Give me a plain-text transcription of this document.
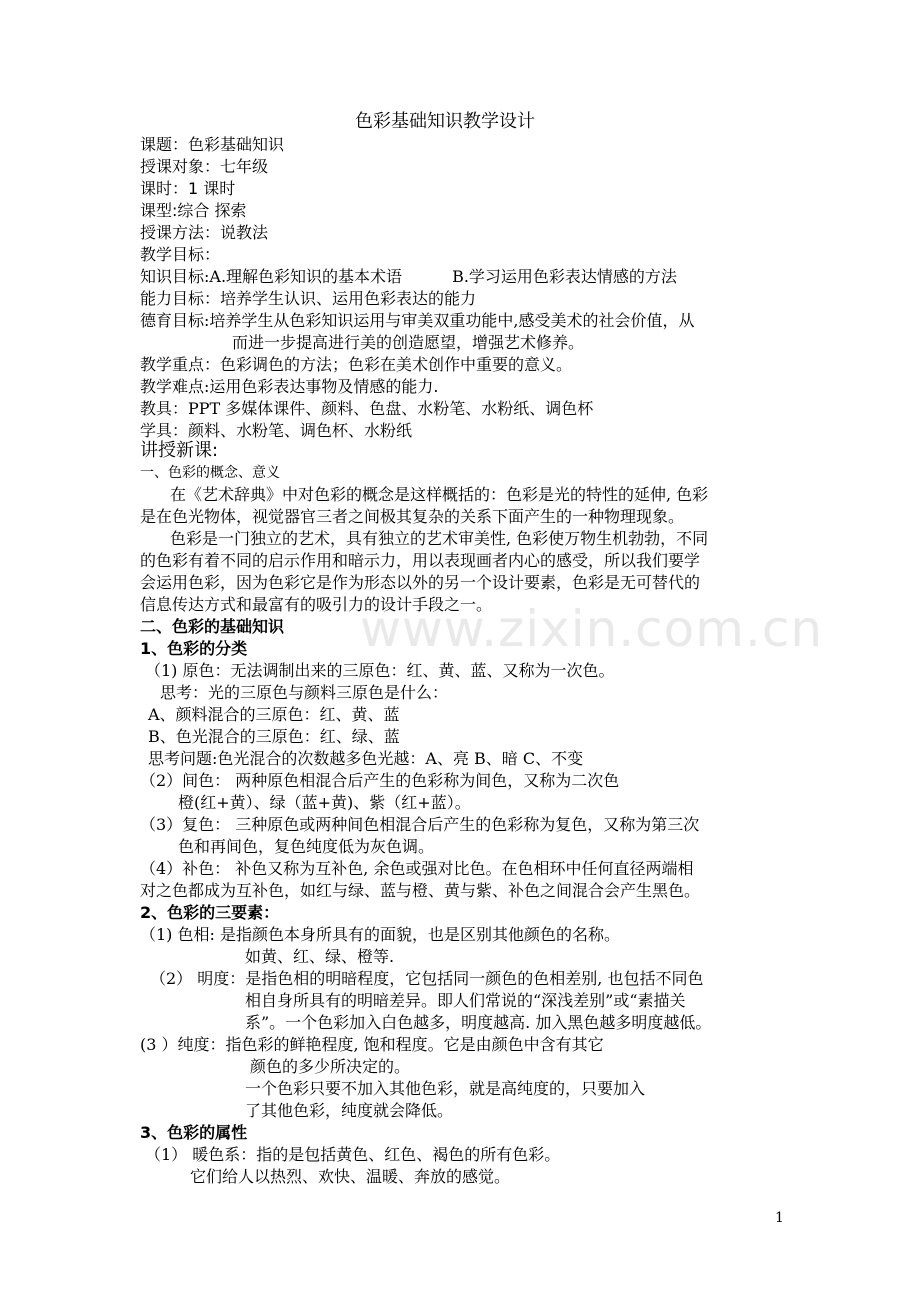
www.zixin.com.cn
色彩基础知识教学设计
课题：色彩基础知识
授课对象：七年级
课时：1 课时
课型:综合 探索
授课方法：说教法
教学目标：
知识目标:A.理解色彩知识的基本术语	B.学习运用色彩表达情感的方法
能力目标：培养学生认识、运用色彩表达的能力
德育目标:培养学生从色彩知识运用与审美双重功能中,感受美术的社会价值，从
而进一步提高进行美的创造愿望，增强艺术修养。
教学重点：色彩调色的方法；色彩在美术创作中重要的意义。
教学难点:运用色彩表达事物及情感的能力.
教具：PPT 多媒体课件、颜料、色盘、水粉笔、水粉纸、调色杯
学具：颜料、水粉笔、调色杯、水粉纸
讲授新课:
一、色彩的概念、意义
在《艺术辞典》中对色彩的概念是这样概括的：色彩是光的特性的延伸, 色彩
是在色光物体，视觉器官三者之间极其复杂的关系下面产生的一种物理现象。
色彩是一门独立的艺术，具有独立的艺术审美性, 色彩使万物生机勃勃，不同
的色彩有着不同的启示作用和暗示力，用以表现画者内心的感受，所以我们要学
会运用色彩，因为色彩它是作为形态以外的另一个设计要素，色彩是无可替代的
信息传达方式和最富有的吸引力的设计手段之一。
二、色彩的基础知识
1、色彩的分类
（1) 原色：无法调制出来的三原色：红、黄、蓝、又称为一次色。
思考：光的三原色与颜料三原色是什么：
A、颜料混合的三原色：红、黄、蓝
B、色光混合的三原色：红、绿、蓝
思考问题:色光混合的次数越多色光越：A、亮 B、暗 C、不变
（2）间色： 两种原色相混合后产生的色彩称为间色，又称为二次色
橙(红+黄）、绿（蓝+黄)、紫（红+蓝）。
（3）复色： 三种原色或两种间色相混合后产生的色彩称为复色，又称为第三次
色和再间色，复色纯度低为灰色调。
（4）补色： 补色又称为互补色, 余色或强对比色。在色相环中任何直径两端相
对之色都成为互补色，如红与绿、蓝与橙、黄与紫、补色之间混合会产生黑色。
2、色彩的三要素：
（1) 色相: 是指颜色本身所具有的面貌，也是区别其他颜色的名称。
如黄、红、绿、橙等.
（2） 明度：是指色相的明暗程度，它包括同一颜色的色相差别, 也包括不同色
相自身所具有的明暗差异。即人们常说的“深浅差别”或“素描关
系”。一个色彩加入白色越多，明度越高. 加入黑色越多明度越低。
(3 ）纯度：指色彩的鲜艳程度, 饱和程度。它是由颜色中含有其它
颜色的多少所决定的。
一个色彩只要不加入其他色彩，就是高纯度的，只要加入
了其他色彩，纯度就会降低。
3、色彩的属性
（1） 暖色系：指的是包括黄色、红色、褐色的所有色彩。
它们给人以热烈、欢快、温暖、奔放的感觉。
1
